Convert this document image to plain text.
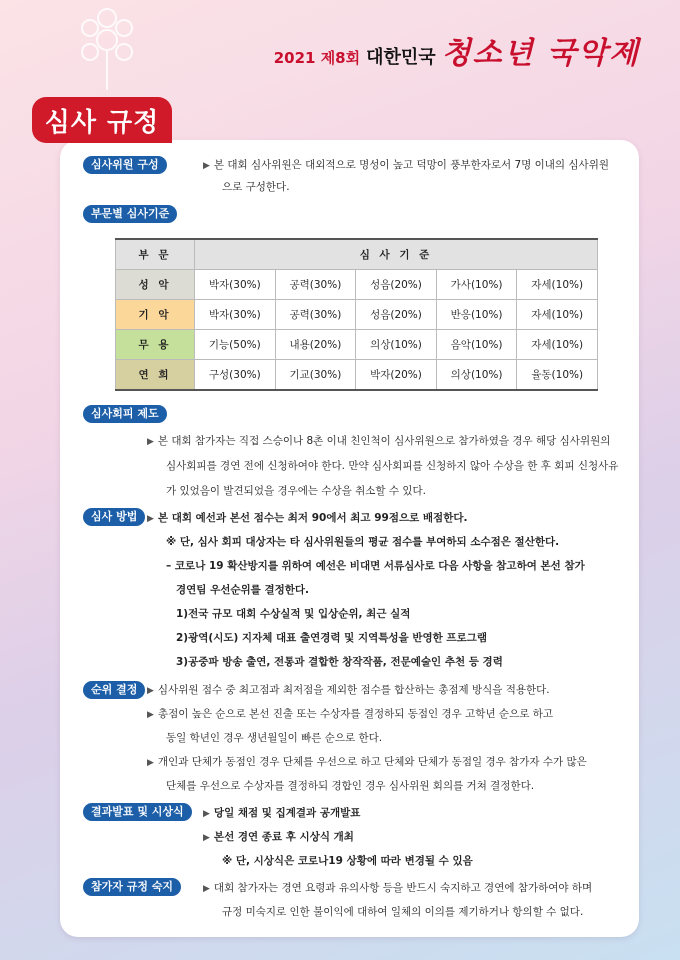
2021 제8회 대한민국 청소년 국악제
심사 규정
심사위원 구성	▶ 본 대회 심사위원은 대외적으로 명성이 높고 덕망이 풍부한자로서 7명 이내의 심사위원
으로 구성한다.
부문별 심사기준
부 문	심 사 기 준				
성 악	박자(30%)	공력(30%)	성음(20%)	가사(10%)	자세(10%)
기 악	박자(30%)	공력(30%)	성음(20%)	반응(10%)	자세(10%)
무 용	기능(50%)	내용(20%)	의상(10%)	음악(10%)	자세(10%)
연 희	구성(30%)	기교(30%)	박자(20%)	의상(10%)	율동(10%)
심사회피 제도
▶ 본 대회 참가자는 직접 스승이나 8촌 이내 친인척이 심사위원으로 참가하였을 경우 해당 심사위원의
심사회피를 경연 전에 신청하여야 한다. 만약 심사회피를 신청하지 않아 수상을 한 후 회피 신청사유
가 있었음이 발견되었을 경우에는 수상을 취소할 수 있다.
심사 방법	▶ 본 대회 예선과 본선 점수는 최저 90에서 최고 99점으로 배점한다.
※ 단, 심사 회피 대상자는 타 심사위원들의 평균 점수를 부여하되 소수점은 절산한다.
– 코로나 19 확산방지를 위하여 예선은 비대면 서류심사로 다음 사항을 참고하여 본선 참가
경연팀 우선순위를 결정한다.
1)전국 규모 대회 수상실적 및 입상순위, 최근 실적
2)광역(시도) 지자체 대표 출연경력 및 지역특성을 반영한 프로그램
3)공중파 방송 출연, 전통과 결합한 창작작품, 전문예술인 추천 등 경력
순위 결정	▶ 심사위원 점수 중 최고점과 최저점을 제외한 점수를 합산하는 총점제 방식을 적용한다.
▶ 총점이 높은 순으로 본선 진출 또는 수상자를 결정하되 동점인 경우 고학년 순으로 하고
동일 학년인 경우 생년월일이 빠른 순으로 한다.
▶ 개인과 단체가 동점인 경우 단체를 우선으로 하고 단체와 단체가 동점일 경우 참가자 수가 많은
단체를 우선으로 수상자를 결정하되 경합인 경우 심사위원 회의를 거쳐 결정한다.
결과발표 및 시상식	▶ 당일 채점 및 집계결과 공개발표
▶ 본선 경연 종료 후 시상식 개최
※ 단, 시상식은 코로나19 상황에 따라 변경될 수 있음
참가자 규정 숙지	▶ 대회 참가자는 경연 요령과 유의사항 등을 반드시 숙지하고 경연에 참가하여야 하며
규정 미숙지로 인한 불이익에 대하여 일체의 이의를 제기하거나 항의할 수 없다.
